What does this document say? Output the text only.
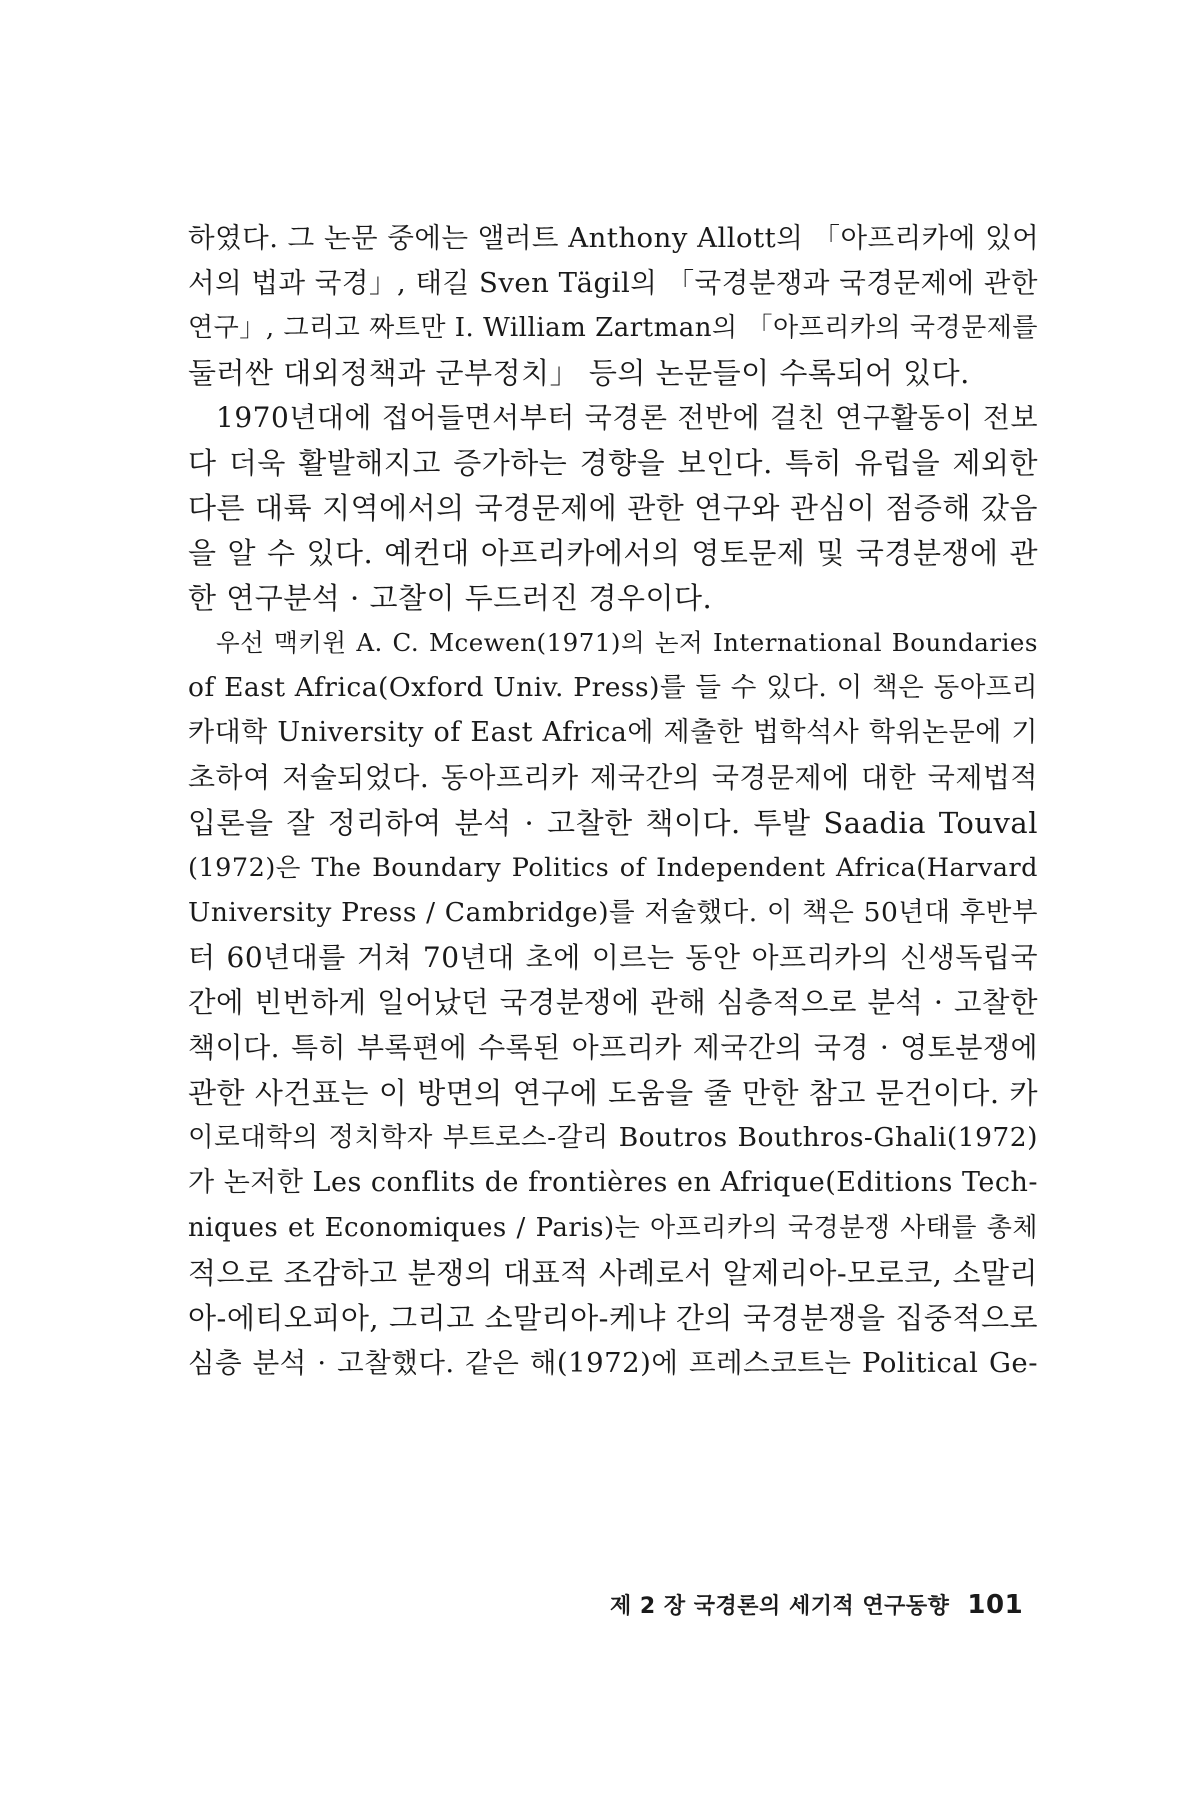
하였다. 그 논문 중에는 앨러트 Anthony Allott의 「아프리카에 있어
서의 법과 국경」, 태길 Sven Tägil의 「국경분쟁과 국경문제에 관한
연구」, 그리고 짜트만 I. William Zartman의 「아프리카의 국경문제를
둘러싼 대외정책과 군부정치」 등의 논문들이 수록되어 있다.
1970년대에 접어들면서부터 국경론 전반에 걸친 연구활동이 전보
다 더욱 활발해지고 증가하는 경향을 보인다. 특히 유럽을 제외한
다른 대륙 지역에서의 국경문제에 관한 연구와 관심이 점증해 갔음
을 알 수 있다. 예컨대 아프리카에서의 영토문제 및 국경분쟁에 관
한 연구분석 · 고찰이 두드러진 경우이다.
우선 맥키윈 A. C. Mcewen(1971)의 논저 International Boundaries
of East Africa(Oxford Univ. Press)를 들 수 있다. 이 책은 동아프리
카대학 University of East Africa에 제출한 법학석사 학위논문에 기
초하여 저술되었다. 동아프리카 제국간의 국경문제에 대한 국제법적
입론을 잘 정리하여 분석 · 고찰한 책이다. 투발 Saadia Touval
(1972)은 The Boundary Politics of Independent Africa(Harvard
University Press / Cambridge)를 저술했다. 이 책은 50년대 후반부
터 60년대를 거쳐 70년대 초에 이르는 동안 아프리카의 신생독립국
간에 빈번하게 일어났던 국경분쟁에 관해 심층적으로 분석 · 고찰한
책이다. 특히 부록편에 수록된 아프리카 제국간의 국경 · 영토분쟁에
관한 사건표는 이 방면의 연구에 도움을 줄 만한 참고 문건이다. 카
이로대학의 정치학자 부트로스-갈리 Boutros Bouthros-Ghali(1972)
가 논저한 Les conflits de frontières en Afrique(Editions Tech-
niques et Economiques / Paris)는 아프리카의 국경분쟁 사태를 총체
적으로 조감하고 분쟁의 대표적 사례로서 알제리아-모로코, 소말리
아-에티오피아, 그리고 소말리아-케냐 간의 국경분쟁을 집중적으로
심층 분석 · 고찰했다. 같은 해(1972)에 프레스코트는 Political Ge-
제 2 장 국경론의 세기적 연구동향 101
